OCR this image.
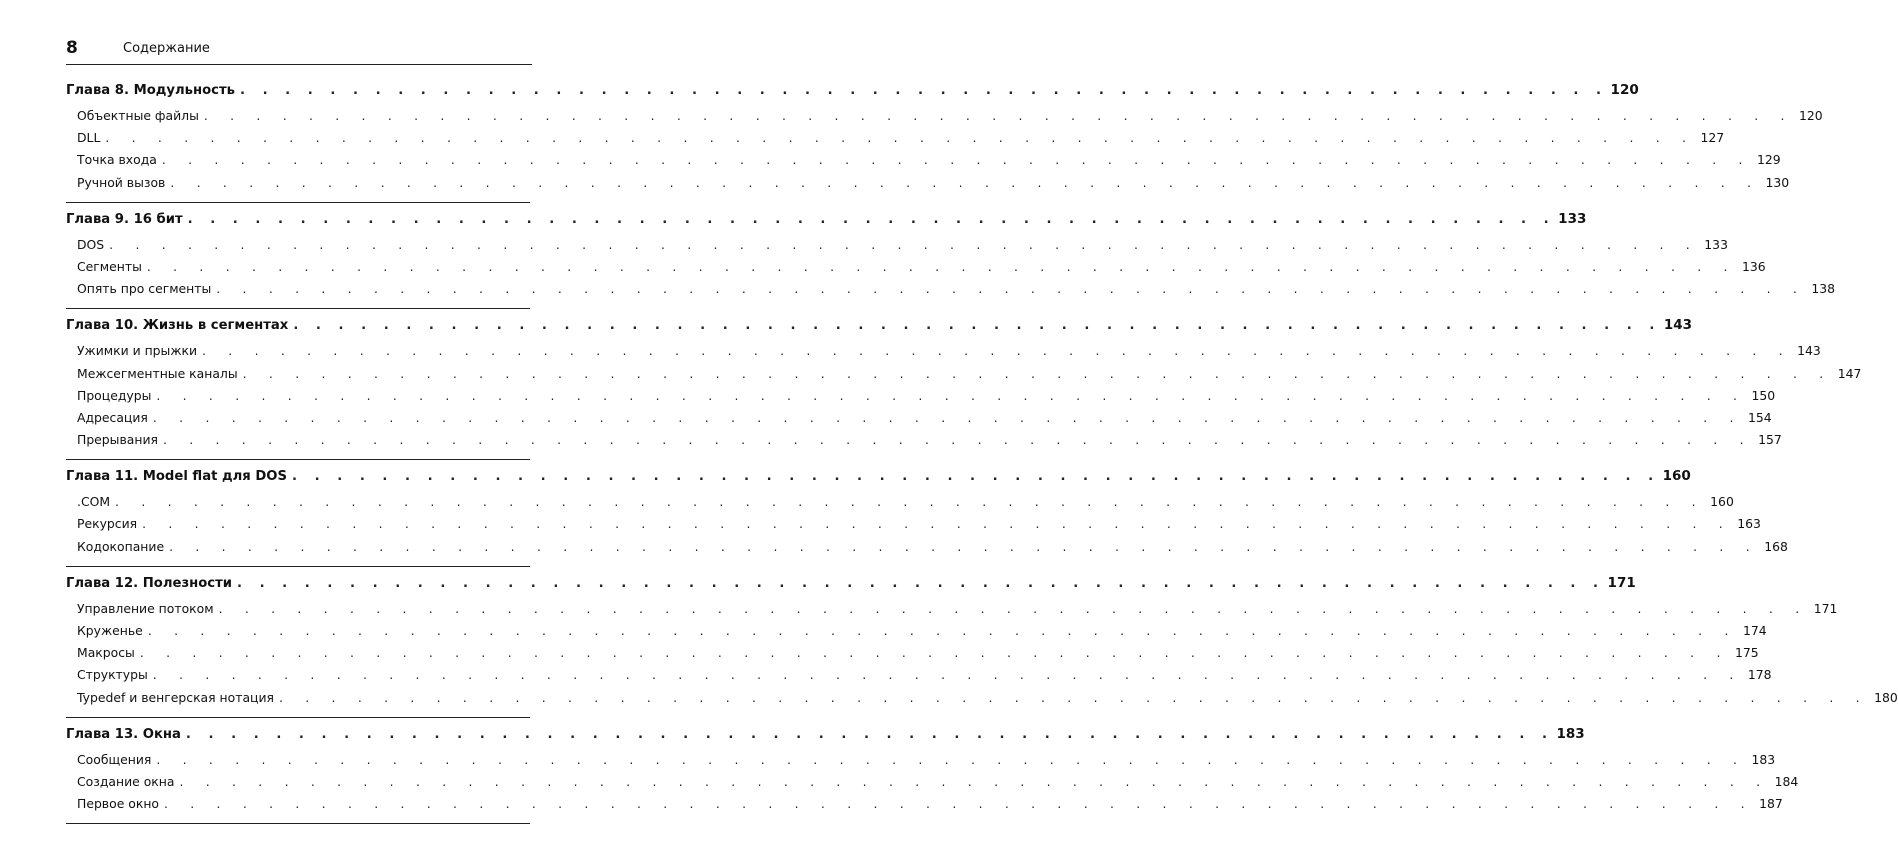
8	Содержание
Глава 8. Модульность . . . . . . . . . . . . . . . . . . . . . . . . . . . . . . . . . . . . . . . . . . . . . . . . . . . . . . . . . . . . . 120
Объектные файлы . . . . . . . . . . . . . . . . . . . . . . . . . . . . . . . . . . . . . . . . . . . . . . . . . . . . . . . . . . . . . 120
DLL . . . . . . . . . . . . . . . . . . . . . . . . . . . . . . . . . . . . . . . . . . . . . . . . . . . . . . . . . . . . . 127
Точка входа . . . . . . . . . . . . . . . . . . . . . . . . . . . . . . . . . . . . . . . . . . . . . . . . . . . . . . . . . . . . . 129
Ручной вызов . . . . . . . . . . . . . . . . . . . . . . . . . . . . . . . . . . . . . . . . . . . . . . . . . . . . . . . . . . . . . 130
Глава 9. 16 бит . . . . . . . . . . . . . . . . . . . . . . . . . . . . . . . . . . . . . . . . . . . . . . . . . . . . . . . . . . . . . 133
DOS . . . . . . . . . . . . . . . . . . . . . . . . . . . . . . . . . . . . . . . . . . . . . . . . . . . . . . . . . . . . . 133
Сегменты . . . . . . . . . . . . . . . . . . . . . . . . . . . . . . . . . . . . . . . . . . . . . . . . . . . . . . . . . . . . . 136
Опять про сегменты . . . . . . . . . . . . . . . . . . . . . . . . . . . . . . . . . . . . . . . . . . . . . . . . . . . . . . . . . . . . . 138
Глава 10. Жизнь в сегментах . . . . . . . . . . . . . . . . . . . . . . . . . . . . . . . . . . . . . . . . . . . . . . . . . . . . . . . . . . . . . 143
Ужимки и прыжки . . . . . . . . . . . . . . . . . . . . . . . . . . . . . . . . . . . . . . . . . . . . . . . . . . . . . . . . . . . . . 143
Межсегментные каналы . . . . . . . . . . . . . . . . . . . . . . . . . . . . . . . . . . . . . . . . . . . . . . . . . . . . . . . . . . . . . 147
Процедуры . . . . . . . . . . . . . . . . . . . . . . . . . . . . . . . . . . . . . . . . . . . . . . . . . . . . . . . . . . . . . 150
Адресация . . . . . . . . . . . . . . . . . . . . . . . . . . . . . . . . . . . . . . . . . . . . . . . . . . . . . . . . . . . . . 154
Прерывания . . . . . . . . . . . . . . . . . . . . . . . . . . . . . . . . . . . . . . . . . . . . . . . . . . . . . . . . . . . . . 157
Глава 11. Model flat для DOS . . . . . . . . . . . . . . . . . . . . . . . . . . . . . . . . . . . . . . . . . . . . . . . . . . . . . . . . . . . . . 160
.COM . . . . . . . . . . . . . . . . . . . . . . . . . . . . . . . . . . . . . . . . . . . . . . . . . . . . . . . . . . . . . 160
Рекурсия . . . . . . . . . . . . . . . . . . . . . . . . . . . . . . . . . . . . . . . . . . . . . . . . . . . . . . . . . . . . . 163
Кодокопание . . . . . . . . . . . . . . . . . . . . . . . . . . . . . . . . . . . . . . . . . . . . . . . . . . . . . . . . . . . . . 168
Глава 12. Полезности . . . . . . . . . . . . . . . . . . . . . . . . . . . . . . . . . . . . . . . . . . . . . . . . . . . . . . . . . . . . . 171
Управление потоком . . . . . . . . . . . . . . . . . . . . . . . . . . . . . . . . . . . . . . . . . . . . . . . . . . . . . . . . . . . . . 171
Круженье . . . . . . . . . . . . . . . . . . . . . . . . . . . . . . . . . . . . . . . . . . . . . . . . . . . . . . . . . . . . . 174
Макросы . . . . . . . . . . . . . . . . . . . . . . . . . . . . . . . . . . . . . . . . . . . . . . . . . . . . . . . . . . . . . 175
Структуры . . . . . . . . . . . . . . . . . . . . . . . . . . . . . . . . . . . . . . . . . . . . . . . . . . . . . . . . . . . . . 178
Typedef и венгерская нотация . . . . . . . . . . . . . . . . . . . . . . . . . . . . . . . . . . . . . . . . . . . . . . . . . . . . . . . . . . . . . 180
Глава 13. Окна . . . . . . . . . . . . . . . . . . . . . . . . . . . . . . . . . . . . . . . . . . . . . . . . . . . . . . . . . . . . . 183
Сообщения . . . . . . . . . . . . . . . . . . . . . . . . . . . . . . . . . . . . . . . . . . . . . . . . . . . . . . . . . . . . . 183
Создание окна . . . . . . . . . . . . . . . . . . . . . . . . . . . . . . . . . . . . . . . . . . . . . . . . . . . . . . . . . . . . . 184
Первое окно . . . . . . . . . . . . . . . . . . . . . . . . . . . . . . . . . . . . . . . . . . . . . . . . . . . . . . . . . . . . . 187
